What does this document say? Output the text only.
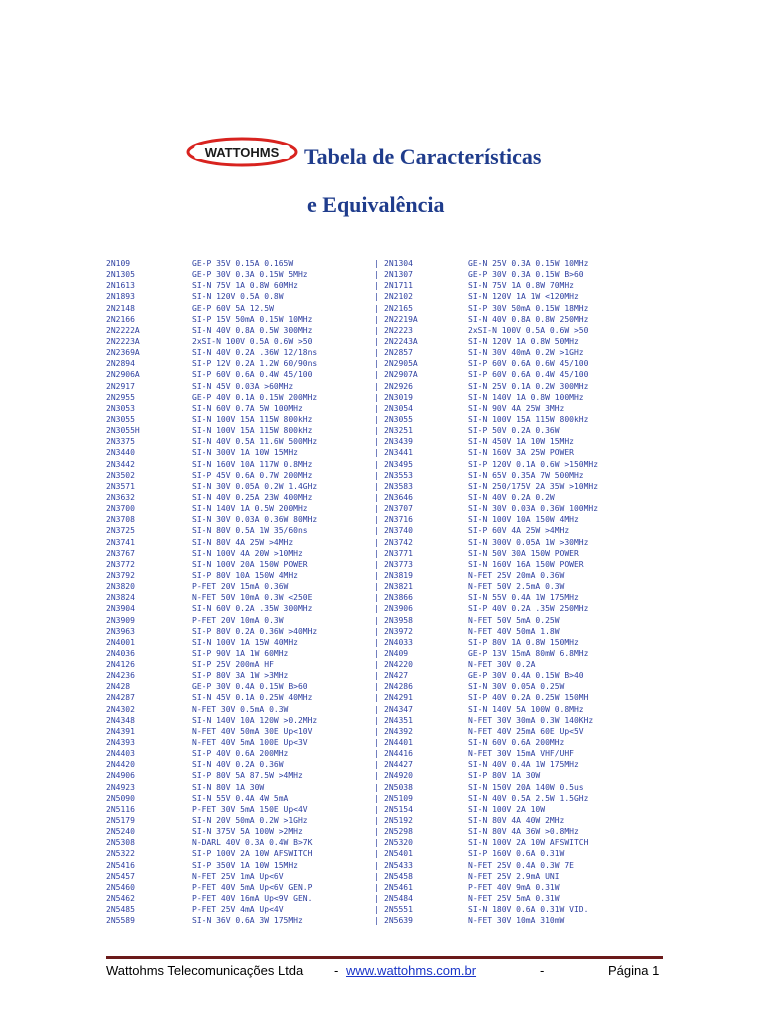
WATTOHMS Tabela de Características
e Equivalência
2N109	GE-P 35V 0.15A 0.165W	| 2N1304	GE-N 25V 0.3A 0.15W 10MHz
2N1305	GE-P 30V 0.3A 0.15W 5MHz	| 2N1307	GE-P 30V 0.3A 0.15W B>60
2N1613	SI-N 75V 1A 0.8W 60MHz	| 2N1711	SI-N 75V 1A 0.8W 70MHz
2N1893	SI-N 120V 0.5A 0.8W	| 2N2102	SI-N 120V 1A 1W <120MHz
2N2148	GE-P 60V 5A 12.5W	| 2N2165	SI-P 30V 50mA 0.15W 18MHz
2N2166	SI-P 15V 50mA 0.15W 10MHz	| 2N2219A	SI-N 40V 0.8A 0.8W 250MHz
2N2222A	SI-N 40V 0.8A 0.5W 300MHz	| 2N2223	2xSI-N 100V 0.5A 0.6W >50
2N2223A	2xSI-N 100V 0.5A 0.6W >50	| 2N2243A	SI-N 120V 1A 0.8W 50MHz
2N2369A	SI-N 40V 0.2A .36W 12/18ns	| 2N2857	SI-N 30V 40mA 0.2W >1GHz
2N2894	SI-P 12V 0.2A 1.2W 60/90ns	| 2N2905A	SI-P 60V 0.6A 0.6W 45/100
2N2906A	SI-P 60V 0.6A 0.4W 45/100	| 2N2907A	SI-P 60V 0.6A 0.4W 45/100
2N2917	SI-N 45V 0.03A >60MHz	| 2N2926	SI-N 25V 0.1A 0.2W 300MHz
2N2955	GE-P 40V 0.1A 0.15W 200MHz	| 2N3019	SI-N 140V 1A 0.8W 100MHz
2N3053	SI-N 60V 0.7A 5W 100MHz	| 2N3054	SI-N 90V 4A 25W 3MHz
2N3055	SI-N 100V 15A 115W 800kHz	| 2N3055	SI-N 100V 15A 115W 800kHz
2N3055H	SI-N 100V 15A 115W 800kHz	| 2N3251	SI-P 50V 0.2A 0.36W
2N3375	SI-N 40V 0.5A 11.6W 500MHz	| 2N3439	SI-N 450V 1A 10W 15MHz
2N3440	SI-N 300V 1A 10W 15MHz	| 2N3441	SI-N 160V 3A 25W POWER
2N3442	SI-N 160V 10A 117W 0.8MHz	| 2N3495	SI-P 120V 0.1A 0.6W >150MHz
2N3502	SI-P 45V 0.6A 0.7W 200MHz	| 2N3553	SI-N 65V 0.35A 7W 500MHz
2N3571	SI-N 30V 0.05A 0.2W 1.4GHz	| 2N3583	SI-N 250/175V 2A 35W >10MHz
2N3632	SI-N 40V 0.25A 23W 400MHz	| 2N3646	SI-N 40V 0.2A 0.2W
2N3700	SI-N 140V 1A 0.5W 200MHz	| 2N3707	SI-N 30V 0.03A 0.36W 100MHz
2N3708	SI-N 30V 0.03A 0.36W 80MHz	| 2N3716	SI-N 100V 10A 150W 4MHz
2N3725	SI-N 80V 0.5A 1W 35/60ns	| 2N3740	SI-P 60V 4A 25W >4MHz
2N3741	SI-N 80V 4A 25W >4MHz	| 2N3742	SI-N 300V 0.05A 1W >30MHz
2N3767	SI-N 100V 4A 20W >10MHz	| 2N3771	SI-N 50V 30A 150W POWER
2N3772	SI-N 100V 20A 150W POWER	| 2N3773	SI-N 160V 16A 150W POWER
2N3792	SI-P 80V 10A 150W 4MHz	| 2N3819	N-FET 25V 20mA 0.36W
2N3820	P-FET 20V 15mA 0.36W	| 2N3821	N-FET 50V 2.5mA 0.3W
2N3824	N-FET 50V 10mA 0.3W <250E	| 2N3866	SI-N 55V 0.4A 1W 175MHz
2N3904	SI-N 60V 0.2A .35W 300MHz	| 2N3906	SI-P 40V 0.2A .35W 250MHz
2N3909	P-FET 20V 10mA 0.3W	| 2N3958	N-FET 50V 5mA 0.25W
2N3963	SI-P 80V 0.2A 0.36W >40MHz	| 2N3972	N-FET 40V 50mA 1.8W
2N4001	SI-N 100V 1A 15W 40MHz	| 2N4033	SI-P 80V 1A 0.8W 150MHz
2N4036	SI-P 90V 1A 1W 60MHz	| 2N409	GE-P 13V 15mA 80mW 6.8MHz
2N4126	SI-P 25V 200mA HF	| 2N4220	N-FET 30V 0.2A
2N4236	SI-P 80V 3A 1W >3MHz	| 2N427	GE-P 30V 0.4A 0.15W B>40
2N428	GE-P 30V 0.4A 0.15W B>60	| 2N4286	SI-N 30V 0.05A 0.25W
2N4287	SI-N 45V 0.1A 0.25W 40MHz	| 2N4291	SI-P 40V 0.2A 0.25W 150MH
2N4302	N-FET 30V 0.5mA 0.3W	| 2N4347	SI-N 140V 5A 100W 0.8MHz
2N4348	SI-N 140V 10A 120W >0.2MHz	| 2N4351	N-FET 30V 30mA 0.3W 140KHz
2N4391	N-FET 40V 50mA 30E Up<10V	| 2N4392	N-FET 40V 25mA 60E Up<5V
2N4393	N-FET 40V 5mA 100E Up<3V	| 2N4401	SI-N 60V 0.6A 200MHz
2N4403	SI-P 40V 0.6A 200MHz	| 2N4416	N-FET 30V 15mA VHF/UHF
2N4420	SI-N 40V 0.2A 0.36W	| 2N4427	SI-N 40V 0.4A 1W 175MHz
2N4906	SI-P 80V 5A 87.5W >4MHz	| 2N4920	SI-P 80V 1A 30W
2N4923	SI-N 80V 1A 30W	| 2N5038	SI-N 150V 20A 140W 0.5us
2N5090	SI-N 55V 0.4A 4W 5mA	| 2N5109	SI-N 40V 0.5A 2.5W 1.5GHz
2N5116	P-FET 30V 5mA 150E Up<4V	| 2N5154	SI-N 100V 2A 10W
2N5179	SI-N 20V 50mA 0.2W >1GHz	| 2N5192	SI-N 80V 4A 40W 2MHz
2N5240	SI-N 375V 5A 100W >2MHz	| 2N5298	SI-N 80V 4A 36W >0.8MHz
2N5308	N-DARL 40V 0.3A 0.4W B>7K	| 2N5320	SI-N 100V 2A 10W AFSWITCH
2N5322	SI-P 100V 2A 10W AFSWITCH	| 2N5401	SI-P 160V 0.6A 0.31W
2N5416	SI-P 350V 1A 10W 15MHz	| 2N5433	N-FET 25V 0.4A 0.3W 7E
2N5457	N-FET 25V 1mA Up<6V	| 2N5458	N-FET 25V 2.9mA UNI
2N5460	P-FET 40V 5mA Up<6V GEN.P	| 2N5461	P-FET 40V 9mA 0.31W
2N5462	P-FET 40V 16mA Up<9V GEN.	| 2N5484	N-FET 25V 5mA 0.31W
2N5485	P-FET 25V 4mA Up<4V	| 2N5551	SI-N 180V 0.6A 0.31W VID.
2N5589	SI-N 36V 0.6A 3W 175MHz	| 2N5639	N-FET 30V 10mA 310mW
Wattohms Telecomunicações Ltda - www.wattohms.com.br	-	Página 1
